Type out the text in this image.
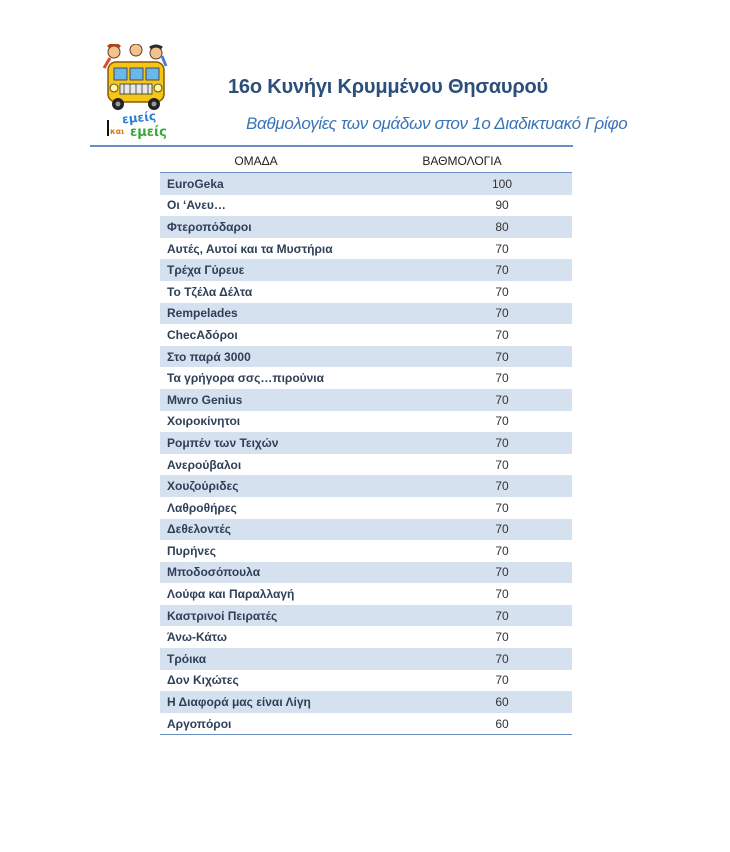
εμείς
και εμείς
16ο Κυνήγι Κρυμμένου Θησαυρού
Βαθμολογίες των ομάδων στον 1ο Διαδικτυακό Γρίφο
ΟΜΑΔΑ	ΒΑΘΜΟΛΟΓΙΑ
EuroGeka	100
Οι ‘Ανευ…	90
Φτεροπόδαροι	80
Αυτές, Αυτοί και τα Μυστήρια	70
Τρέχα Γύρευε	70
Το Τζέλα Δέλτα	70
Rempelades	70
ChecΑδόροι	70
Στο παρά 3000	70
Τα γρήγορα σσς…πιρούνια	70
Mwro Genius	70
Χοιροκίνητοι	70
Ρομπέν των Τειχών	70
Ανερούβαλοι	70
Χουζούριδες	70
Λαθροθήρες	70
Δεθελοντές	70
Πυρήνες	70
Μποδοσόπουλα	70
Λούφα και Παραλλαγή	70
Καστρινοί Πειρατές	70
Άνω-Κάτω	70
Τρόικα	70
Δον Κιχώτες	70
Η Διαφορά μας είναι Λίγη	60
Αργοπόροι	60
